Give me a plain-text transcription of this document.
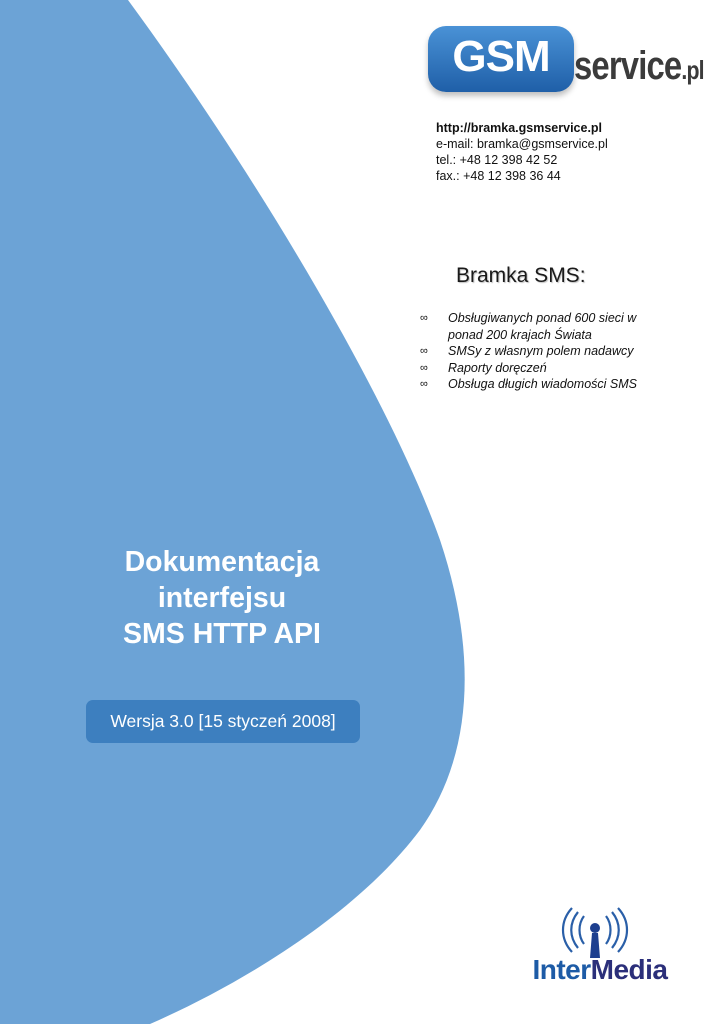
GSM service.pl
http://bramka.gsmservice.pl
e-mail: bramka@gsmservice.pl
tel.: +48 12 398 42 52
fax.: +48 12 398 36 44
Bramka SMS:
∞ Obsługiwanych ponad 600 sieci w ponad 200 krajach Świata
∞ SMSy z własnym polem nadawcy
∞ Raporty doręczeń
∞ Obsługa długich wiadomości SMS
Dokumentacja
interfejsu
SMS HTTP API
Wersja 3.0 [15 styczeń 2008]
InterMedia
